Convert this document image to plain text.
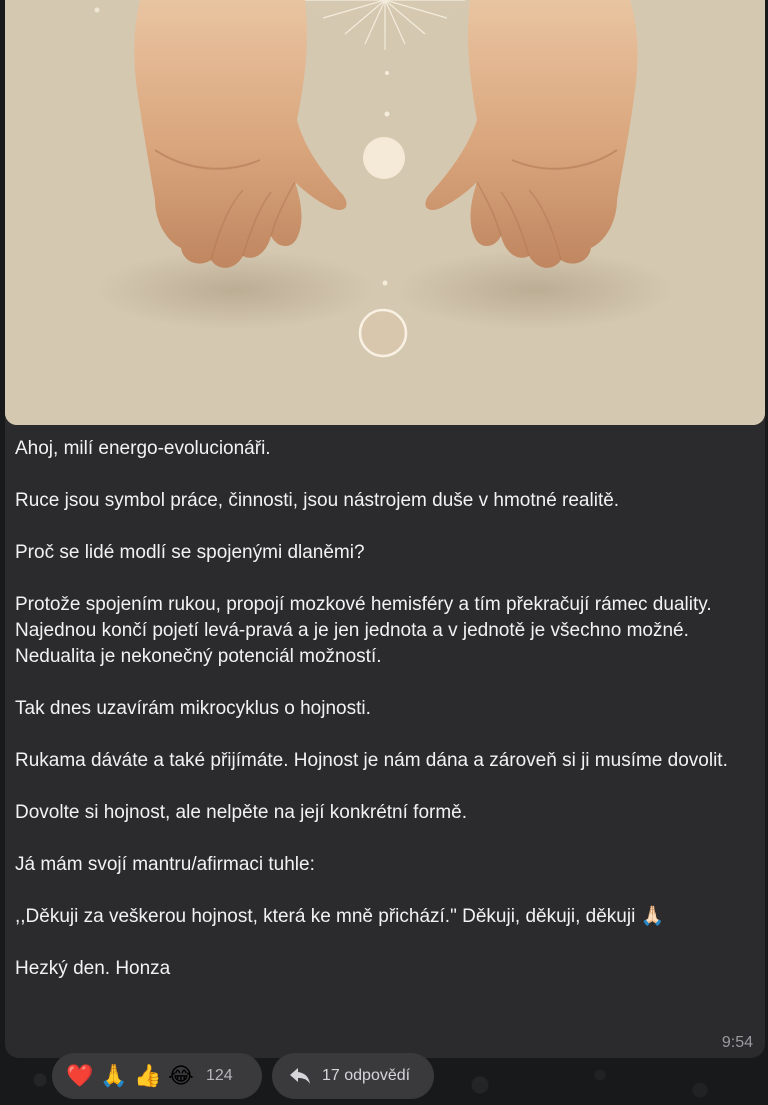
Ahoj, milí energo-evolucionáři.

Ruce jsou symbol práce, činnosti, jsou nástrojem duše v hmotné realitě.

Proč se lidé modlí se spojenými dlaněmi?

Protože spojením rukou, propojí mozkové hemisféry a tím překračují rámec duality. Najednou končí pojetí levá-pravá a je jen jednota a v jednotě je všechno možné. Nedualita je nekonečný potenciál možností.

Tak dnes uzavírám mikrocyklus o hojnosti.

Rukama dáváte a také přijímáte. Hojnost je nám dána a zároveň si ji musíme dovolit.

Dovolte si hojnost, ale nelpěte na její konkrétní formě.

Já mám svojí mantru/afirmaci tuhle:

,,Děkuji za veškerou hojnost, která ke mně přichází." Děkuji, děkuji, děkuji 🙏🏻

Hezký den. Honza

9:54
❤️ 🙏 👍 😂 124	17 odpovědí
